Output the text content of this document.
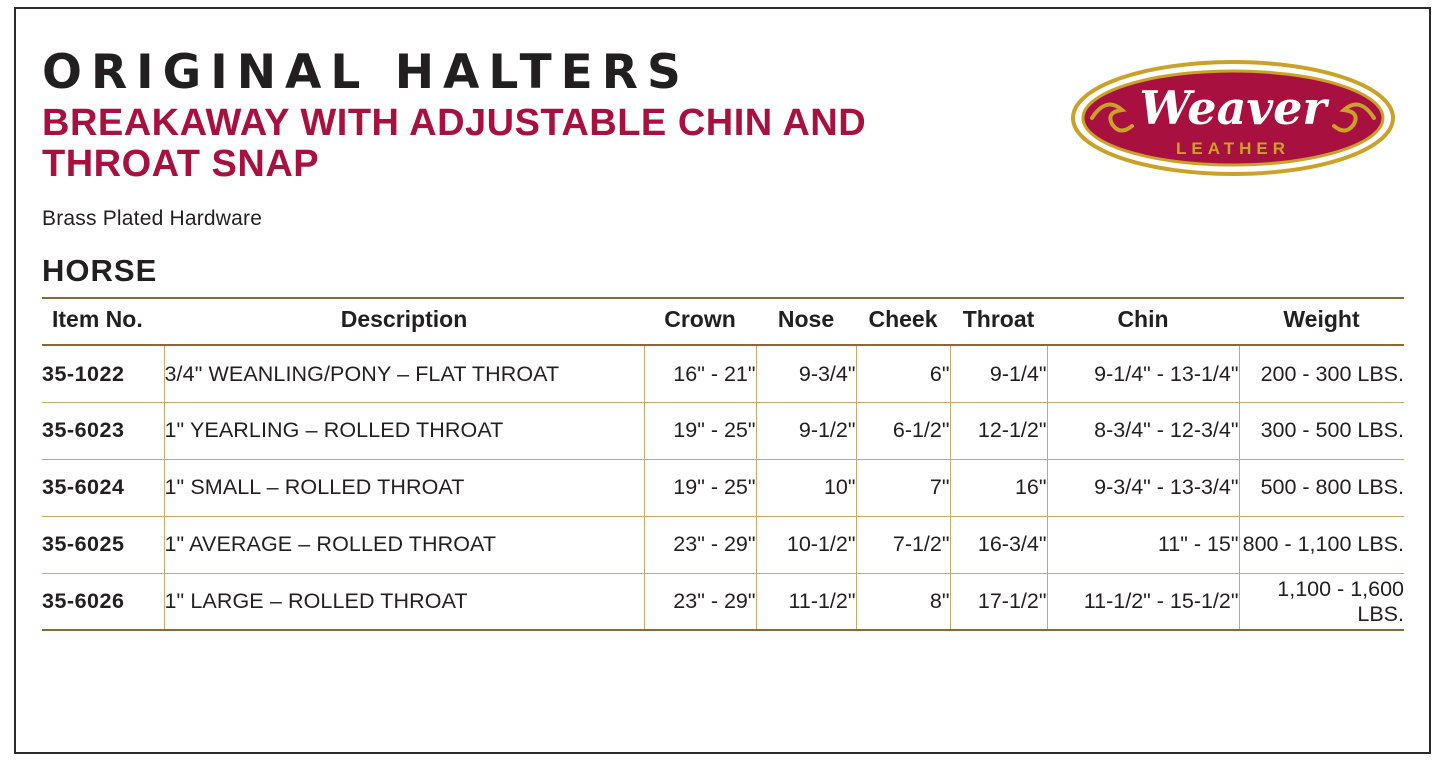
Weaver
LEATHER
ORIGINAL HALTERS
BREAKAWAY WITH ADJUSTABLE CHIN AND THROAT SNAP
Brass Plated Hardware
HORSE
Item No.	Description	Crown	Nose	Cheek	Throat	Chin	Weight
35-1022	3/4" WEANLING/PONY – FLAT THROAT	16" - 21"	9-3/4"	6"	9-1/4"	9-1/4" - 13-1/4"	200 - 300 LBS.
35-6023	1" YEARLING – ROLLED THROAT	19" - 25"	9-1/2"	6-1/2"	12-1/2"	8-3/4" - 12-3/4"	300 - 500 LBS.
35-6024	1" SMALL – ROLLED THROAT	19" - 25"	10"	7"	16"	9-3/4" - 13-3/4"	500 - 800 LBS.
35-6025	1" AVERAGE – ROLLED THROAT	23" - 29"	10-1/2"	7-1/2"	16-3/4"	11" - 15"	800 - 1,100 LBS.
35-6026	1" LARGE – ROLLED THROAT	23" - 29"	11-1/2"	8"	17-1/2"	11-1/2" - 15-1/2"	1,100 - 1,600 LBS.
